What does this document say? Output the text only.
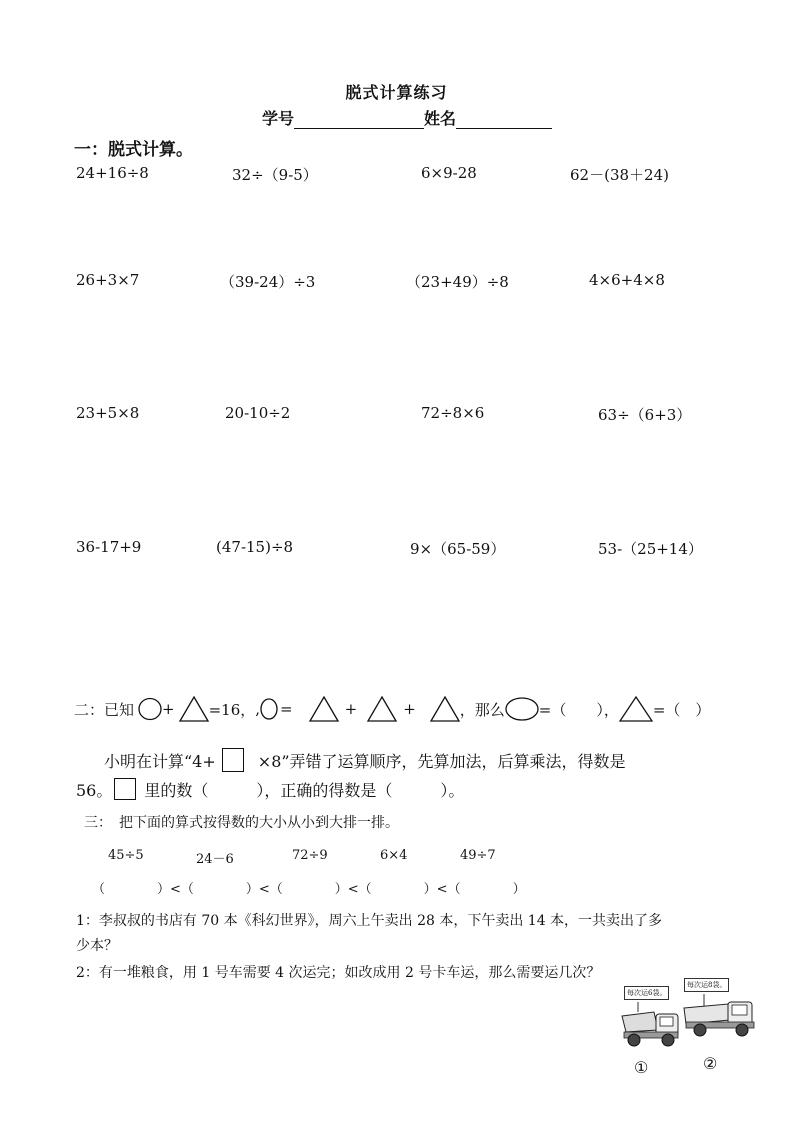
脱式计算练习
学号	姓名
一：脱式计算。
24+16÷8	32÷（9-5）	6×9-28	62－(38＋24)
26+3×7	（39-24）÷3	（23+49）÷8	4×6+4×8
23+5×8	20-10÷2	72÷8×6	63÷（6+3）
36-17+9	(47-15)÷8	9×（65-59）	53-（25+14）
二：已知 + =16， , =	+	+	，那么 =（　　）， =（　）
小明在计算“4+	×8”弄错了运算顺序，先算加法，后算乘法，得数是
56。 里的数（　　　），正确的得数是（　　　）。
三：　把下面的算式按得数的大小从小到大排一排。
45÷5	24－6	72÷9	6×4	49÷7
（　　　　）<（　　　　）<（　　　　）<（　　　　）<（　　　　）
1：李叔叔的书店有 70 本《科幻世界》，周六上午卖出 28 本，下午卖出 14 本，一共卖出了多
少本？
2：有一堆粮食，用 1 号车需要 4 次运完；如改成用 2 号卡车运，那么需要运几次？
每次运6袋。
每次运8袋。
①	②
